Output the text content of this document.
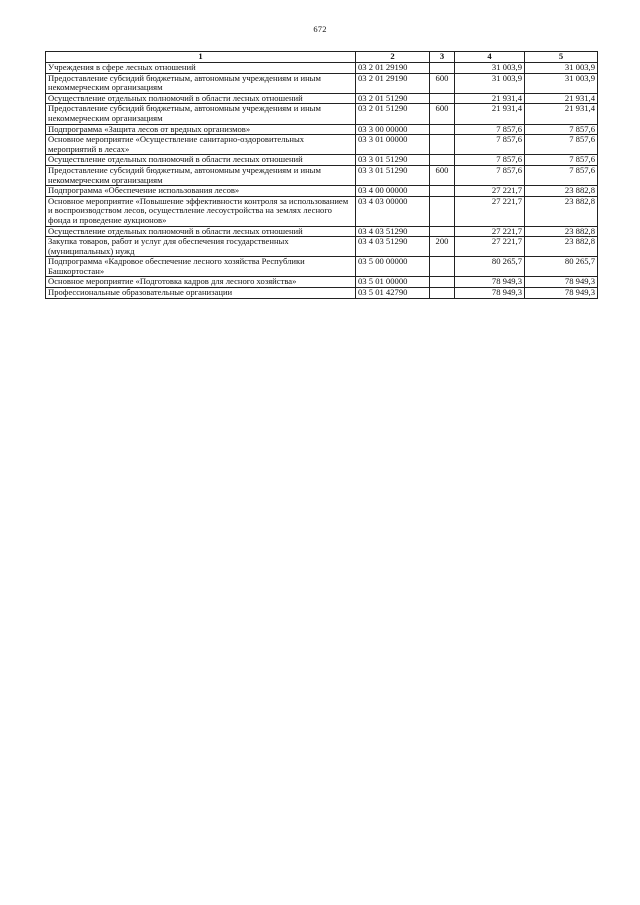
672
1	2	3	4	5
Учреждения в сфере лесных отношений	03 2 01 29190		31 003,9	31 003,9
Предоставление субсидий бюджетным, автономным учреждениям и иным некоммерческим организациям	03 2 01 29190	600	31 003,9	31 003,9
Осуществление отдельных полномочий в области лесных отношений	03 2 01 51290		21 931,4	21 931,4
Предоставление субсидий бюджетным, автономным учреждениям и иным некоммерческим организациям	03 2 01 51290	600	21 931,4	21 931,4
Подпрограмма «Защита лесов от вредных организмов»	03 3 00 00000		7 857,6	7 857,6
Основное мероприятие «Осуществление санитарно-оздоровительных мероприятий в лесах»	03 3 01 00000		7 857,6	7 857,6
Осуществление отдельных полномочий в области лесных отношений	03 3 01 51290		7 857,6	7 857,6
Предоставление субсидий бюджетным, автономным учреждениям и иным некоммерческим организациям	03 3 01 51290	600	7 857,6	7 857,6
Подпрограмма «Обеспечение использования лесов»	03 4 00 00000		27 221,7	23 882,8
Основное мероприятие «Повышение эффективности контроля за использованием и воспроизводством лесов, осуществление лесоустройства на землях лесного фонда и проведение аукционов»	03 4 03 00000		27 221,7	23 882,8
Осуществление отдельных полномочий в области лесных отношений	03 4 03 51290		27 221,7	23 882,8
Закупка товаров, работ и услуг для обеспечения государственных (муниципальных) нужд	03 4 03 51290	200	27 221,7	23 882,8
Подпрограмма «Кадровое обеспечение лесного хозяйства Республики Башкортостан»	03 5 00 00000		80 265,7	80 265,7
Основное мероприятие «Подготовка кадров для лесного хозяйства»	03 5 01 00000		78 949,3	78 949,3
Профессиональные образовательные организации	03 5 01 42790		78 949,3	78 949,3
